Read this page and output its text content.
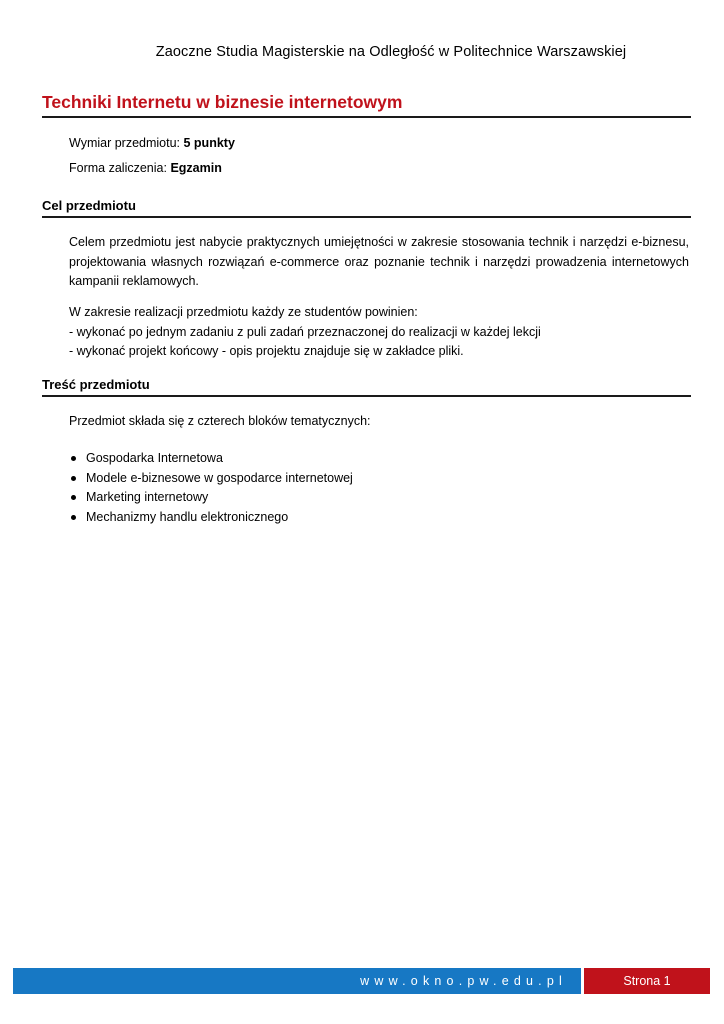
Zaoczne Studia Magisterskie na Odległość w Politechnice Warszawskiej
Techniki Internetu w biznesie internetowym
Wymiar przedmiotu: 5 punkty
Forma zaliczenia: Egzamin
Cel przedmiotu
Celem przedmiotu jest nabycie praktycznych umiejętności w zakresie stosowania technik i narzędzi e-biznesu,
projektowania własnych rozwiązań e-commerce oraz poznanie technik i narzędzi prowadzenia internetowych
kampanii reklamowych.
W zakresie realizacji przedmiotu każdy ze studentów powinien:
- wykonać po jednym zadaniu z puli zadań przeznaczonej do realizacji w każdej lekcji
- wykonać projekt końcowy - opis projektu znajduje się w zakładce pliki.
Treść przedmiotu
Przedmiot składa się z czterech bloków tematycznych:
Gospodarka Internetowa
Modele e-biznesowe w gospodarce internetowej
Marketing internetowy
Mechanizmy handlu elektronicznego
www.okno.pw.edu.pl	Strona 1
